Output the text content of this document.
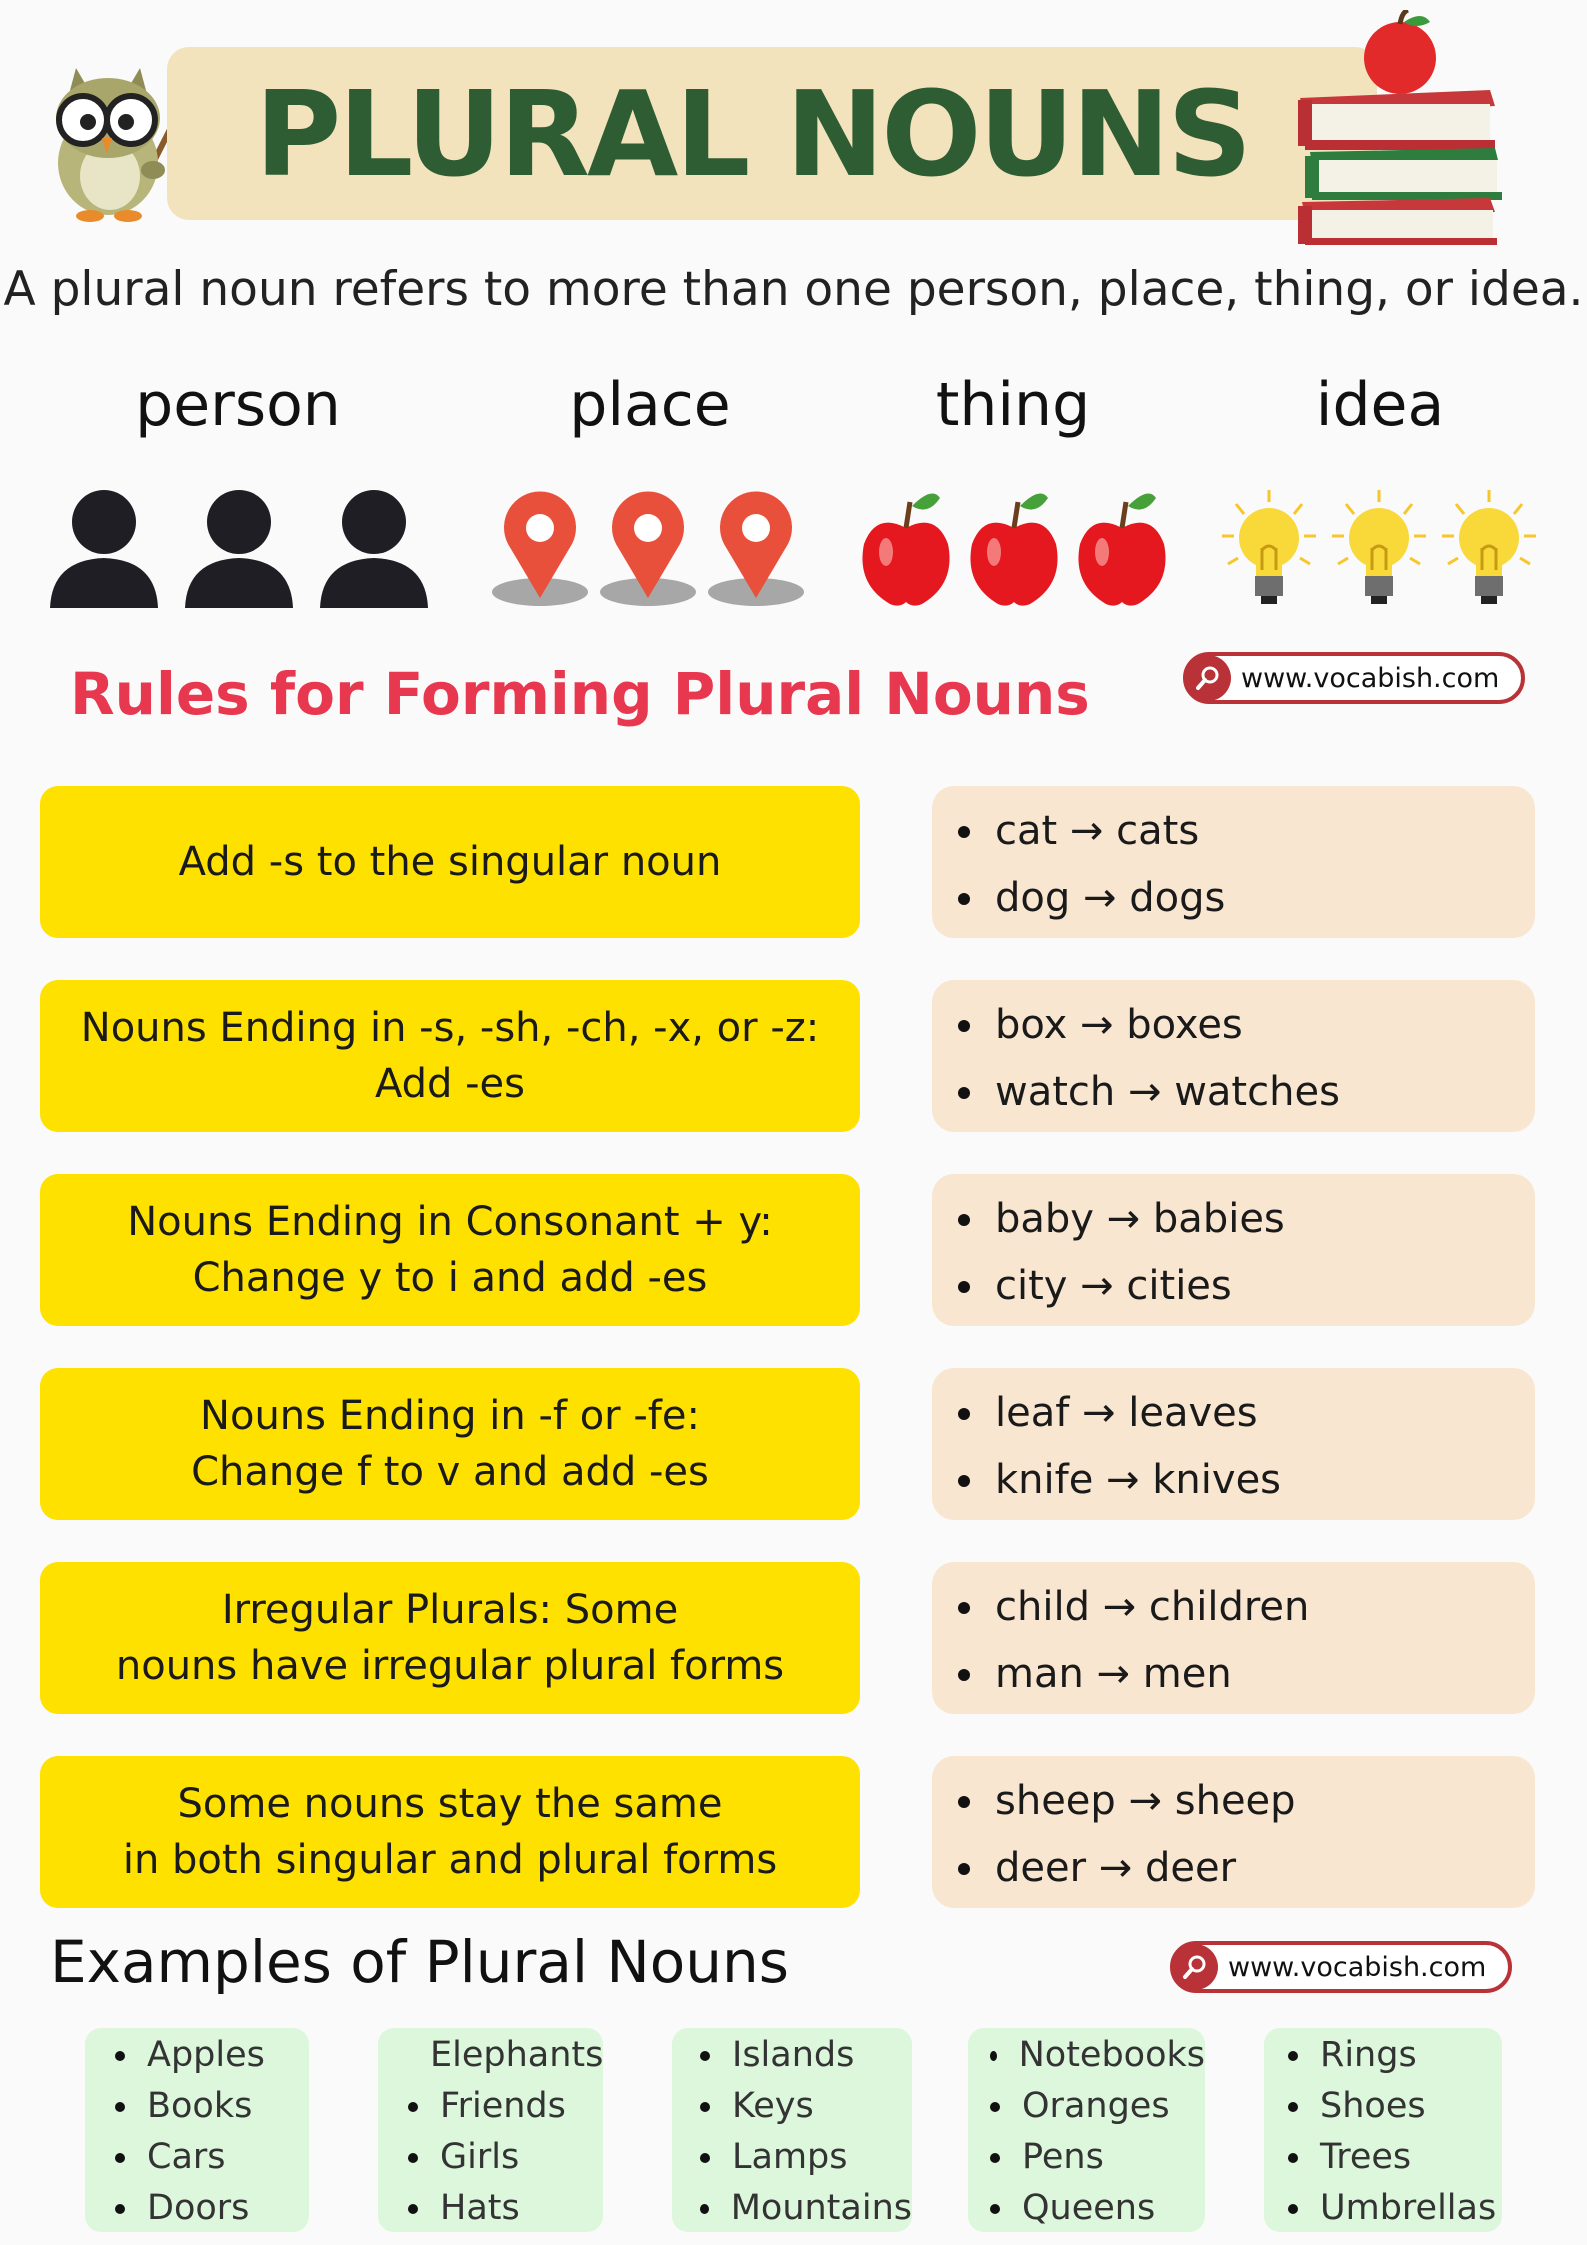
PLURAL NOUNS
A plural noun refers to more than one person, place, thing, or idea.
person	place	thing	idea
Rules for Forming Plural Nouns	www.vocabish.com
Add -s to the singular noun
cat → cats
dog → dogs
Nouns Ending in -s, -sh, -ch, -x, or -z:
Add -es
box → boxes
watch → watches
Nouns Ending in Consonant + y:
Change y to i and add -es
baby → babies
city → cities
Nouns Ending in -f or -fe:
Change f to v and add -es
leaf → leaves
knife → knives
Irregular Plurals: Some
nouns have irregular plural forms
child → children
man → men
Some nouns stay the same
in both singular and plural forms
sheep → sheep
deer → deer
Examples of Plural Nouns	www.vocabish.com
Apples
Books
Cars
Doors
Elephants
Friends
Girls
Hats
Islands
Keys
Lamps
Mountains
Notebooks
Oranges
Pens
Queens
Rings
Shoes
Trees
Umbrellas
